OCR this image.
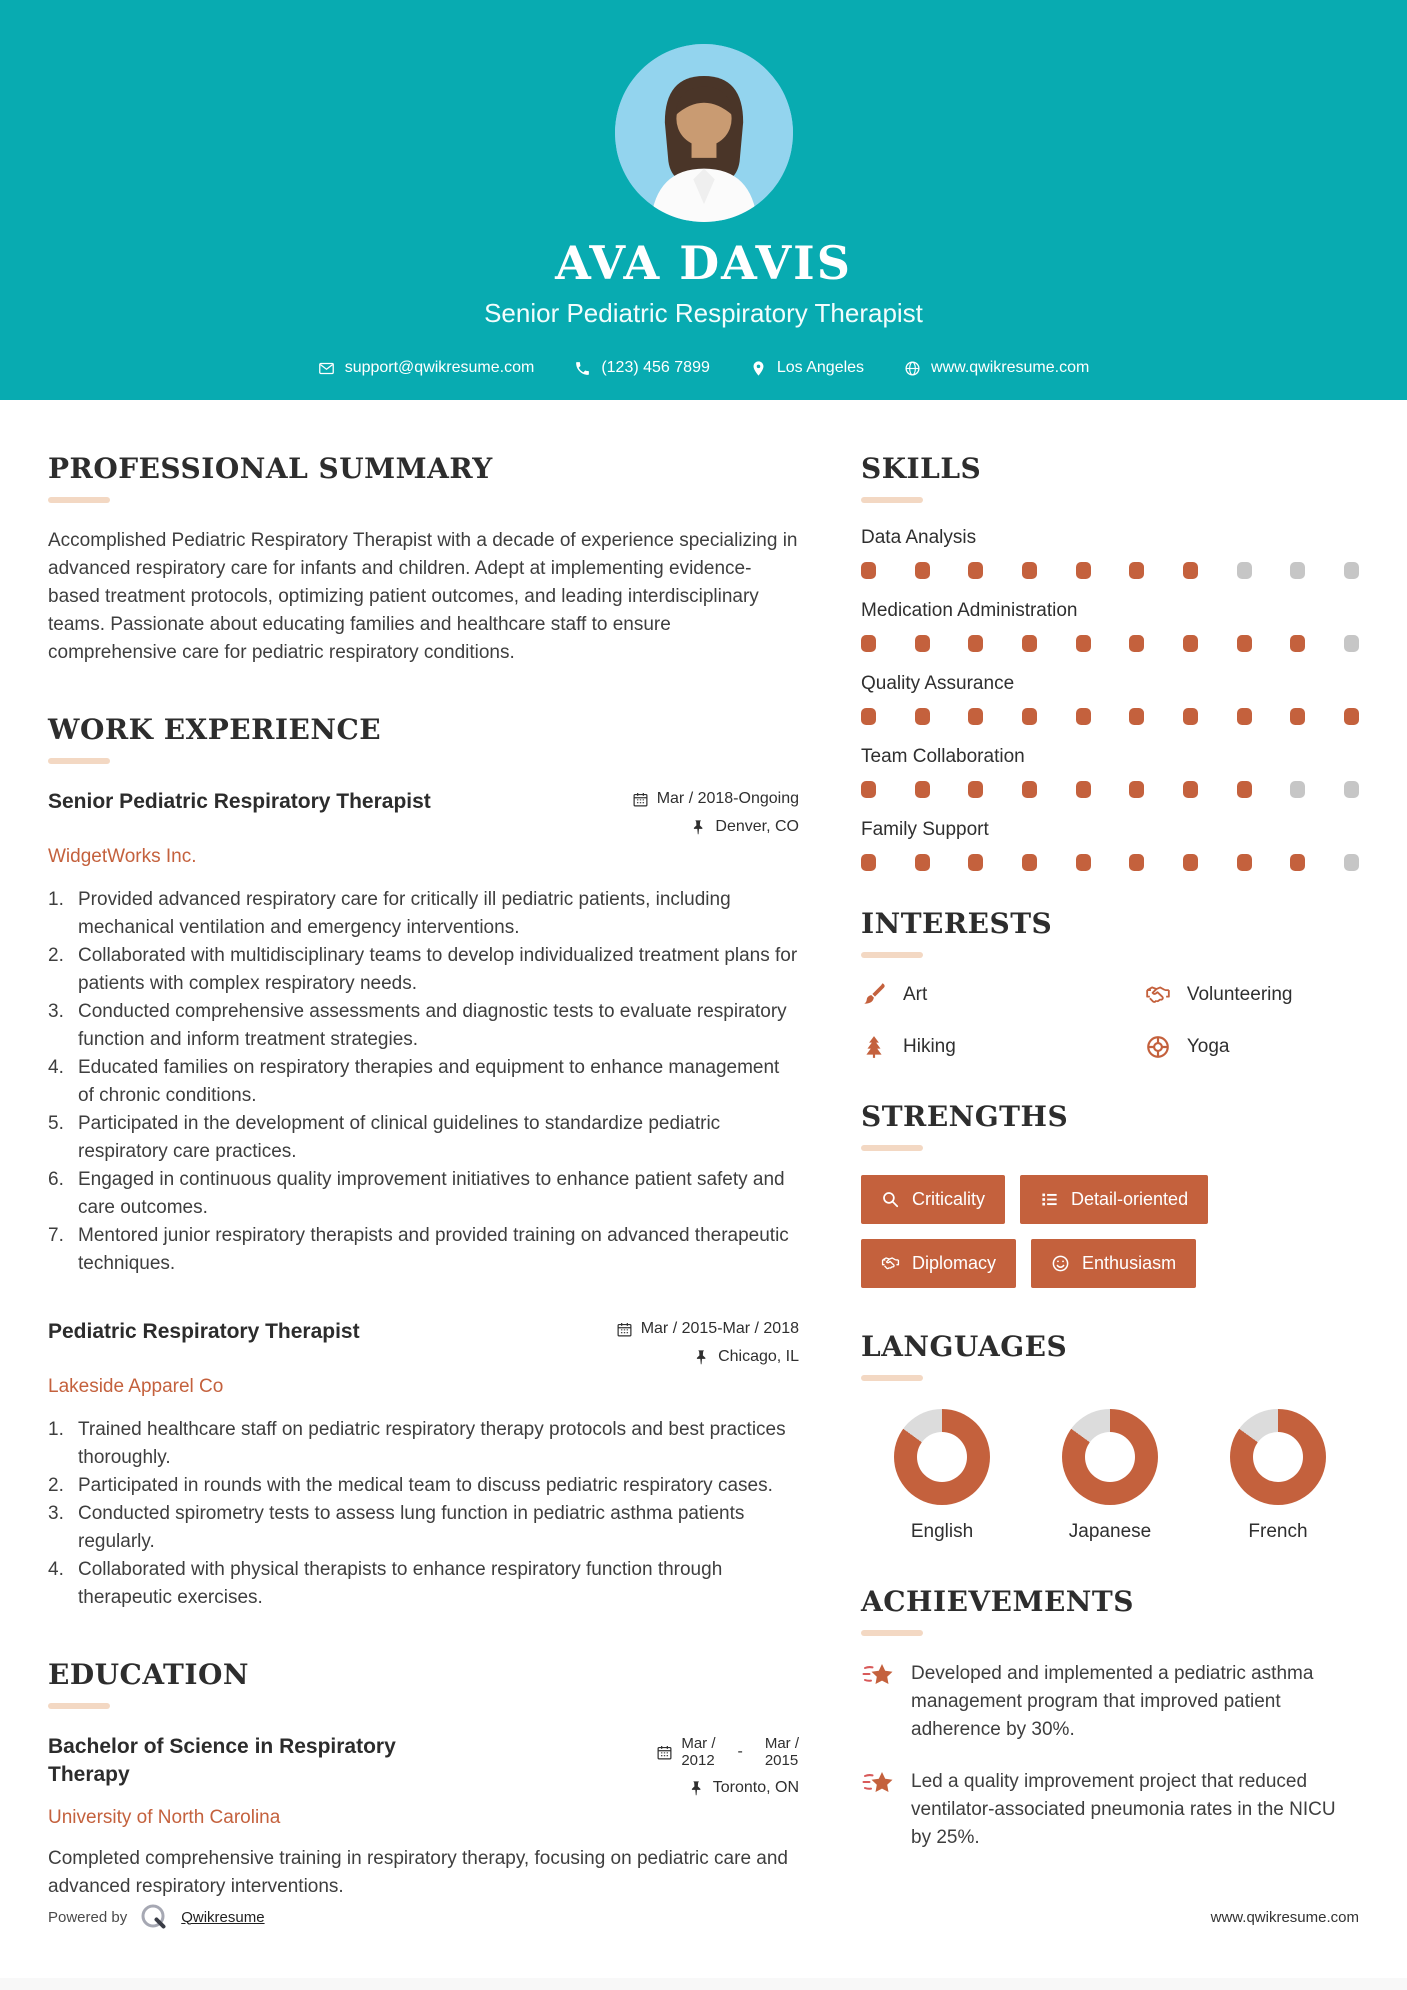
AVA DAVIS
Senior Pediatric Respiratory Therapist
support@qwikresume.com	(123) 456 7899	Los Angeles	www.qwikresume.com
PROFESSIONAL SUMMARY

Accomplished Pediatric Respiratory Therapist with a decade of experience specializing in advanced respiratory care for infants and children. Adept at implementing evidence-based treatment protocols, optimizing patient outcomes, and leading interdisciplinary teams. Passionate about educating families and healthcare staff to ensure comprehensive care for pediatric respiratory conditions.

WORK EXPERIENCE
Senior Pediatric Respiratory Therapist	Mar / 2018-Ongoing
Denver, CO
WidgetWorks Inc.
Provided advanced respiratory care for critically ill pediatric patients, including mechanical ventilation and emergency interventions.
Collaborated with multidisciplinary teams to develop individualized treatment plans for patients with complex respiratory needs.
Conducted comprehensive assessments and diagnostic tests to evaluate respiratory function and inform treatment strategies.
Educated families on respiratory therapies and equipment to enhance management of chronic conditions.
Participated in the development of clinical guidelines to standardize pediatric respiratory care practices.
Engaged in continuous quality improvement initiatives to enhance patient safety and care outcomes.
Mentored junior respiratory therapists and provided training on advanced therapeutic techniques.
Pediatric Respiratory Therapist	Mar / 2015-Mar / 2018
Chicago, IL
Lakeside Apparel Co
Trained healthcare staff on pediatric respiratory therapy protocols and best practices thoroughly.
Participated in rounds with the medical team to discuss pediatric respiratory cases.
Conducted spirometry tests to assess lung function in pediatric asthma patients regularly.
Collaborated with physical therapists to enhance respiratory function through therapeutic exercises.
EDUCATION
Bachelor of Science in Respiratory Therapy
Mar /
2012
- Mar /
2015
Toronto, ON
University of North Carolina

Completed comprehensive training in respiratory therapy, focusing on pediatric care and advanced respiratory interventions.

SKILLS
Data Analysis
Medication Administration
Quality Assurance
Team Collaboration
Family Support
INTERESTS
Art	Volunteering
Hiking	Yoga
STRENGTHS
Criticality	Detail-oriented
Diplomacy	Enthusiasm
LANGUAGES
English	Japanese	French
ACHIEVEMENTS
Developed and implemented a pediatric asthma management program that improved patient adherence by 30%.
Led a quality improvement project that reduced ventilator-associated pneumonia rates in the NICU by 25%.
Powered by	Qwikresume	www.qwikresume.com
